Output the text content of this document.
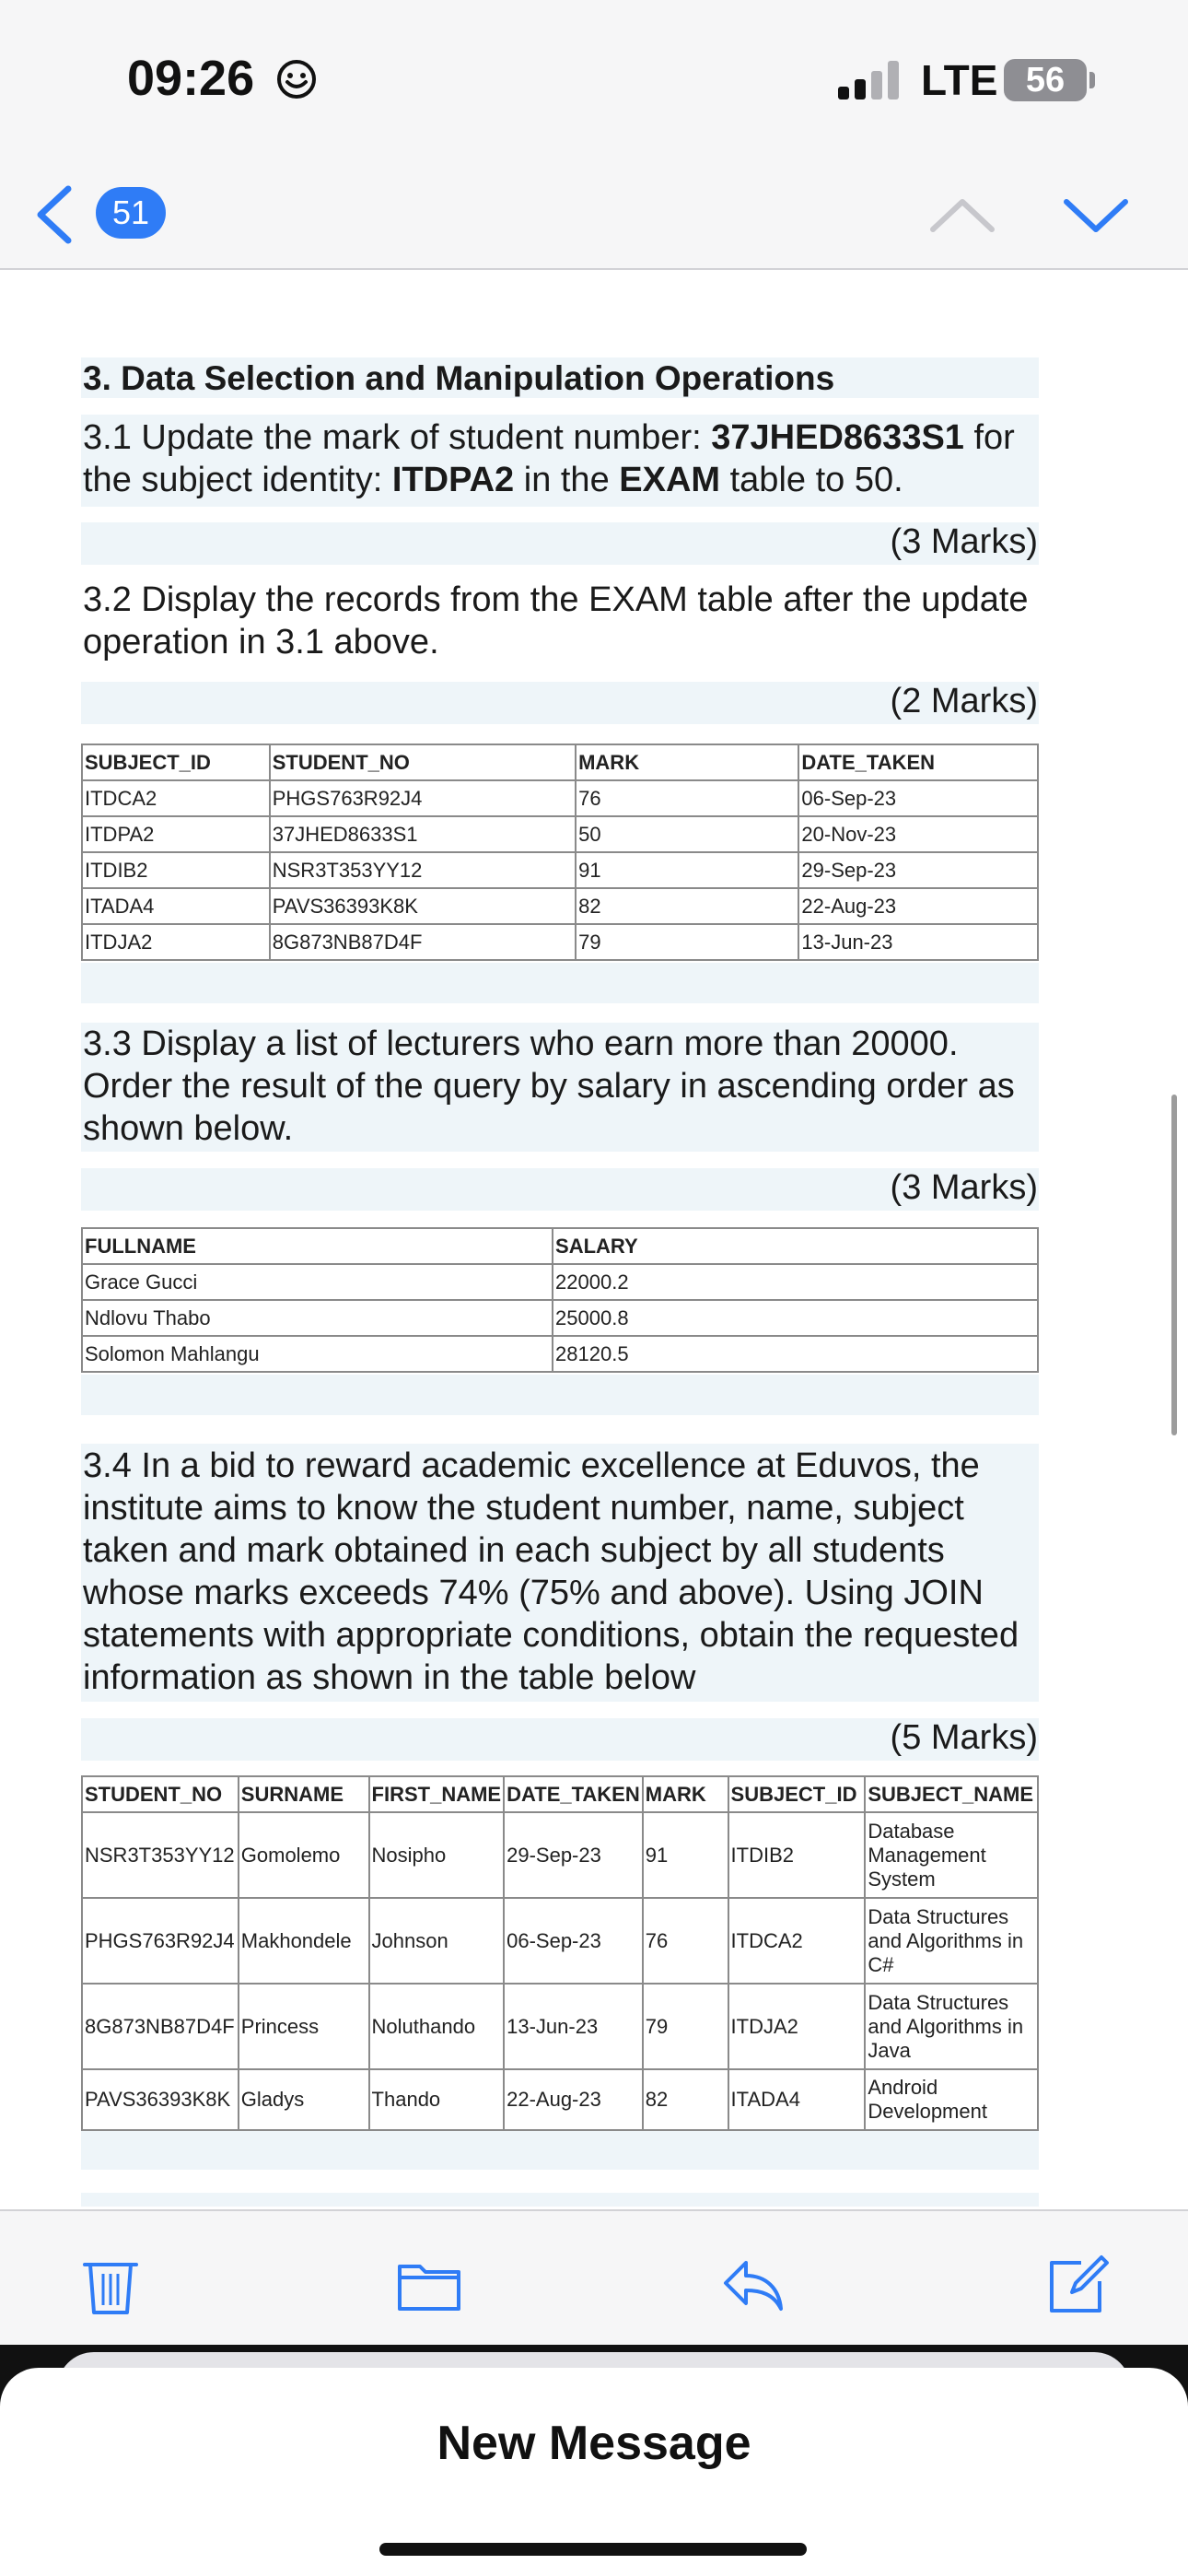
09:26	LTE 56
51
3. Data Selection and Manipulation Operations
3.1 Update the mark of student number: 37JHED8633S1 for the subject identity: ITDPA2 in the EXAM table to 50.
(3 Marks)
3.2 Display the records from the EXAM table after the update operation in 3.1 above.
(2 Marks)
SUBJECT_ID	STUDENT_NO	MARK	DATE_TAKEN
ITDCA2	PHGS763R92J4	76	06-Sep-23
ITDPA2	37JHED8633S1	50	20-Nov-23
ITDIB2	NSR3T353YY12	91	29-Sep-23
ITADA4	PAVS36393K8K	82	22-Aug-23
ITDJA2	8G873NB87D4F	79	13-Jun-23
3.3 Display a list of lecturers who earn more than 20000. Order the result of the query by salary in ascending order as shown below.
(3 Marks)
FULLNAME	SALARY
Grace Gucci	22000.2
Ndlovu Thabo	25000.8
Solomon Mahlangu	28120.5
3.4 In a bid to reward academic excellence at Eduvos, the institute aims to know the student number, name, subject taken and mark obtained in each subject by all students whose marks exceeds 74% (75% and above). Using JOIN statements with appropriate conditions, obtain the requested information as shown in the table below
(5 Marks)
STUDENT_NO	SURNAME	FIRST_NAME	DATE_TAKEN	MARK	SUBJECT_ID	SUBJECT_NAME
NSR3T353YY12	Gomolemo	Nosipho	29-Sep-23	91	ITDIB2	Database Management System
PHGS763R92J4	Makhondele	Johnson	06-Sep-23	76	ITDCA2	Data Structures and Algorithms in C#
8G873NB87D4F	Princess	Noluthando	13-Jun-23	79	ITDJA2	Data Structures and Algorithms in Java
PAVS36393K8K	Gladys	Thando	22-Aug-23	82	ITADA4	Android Development
New Message
